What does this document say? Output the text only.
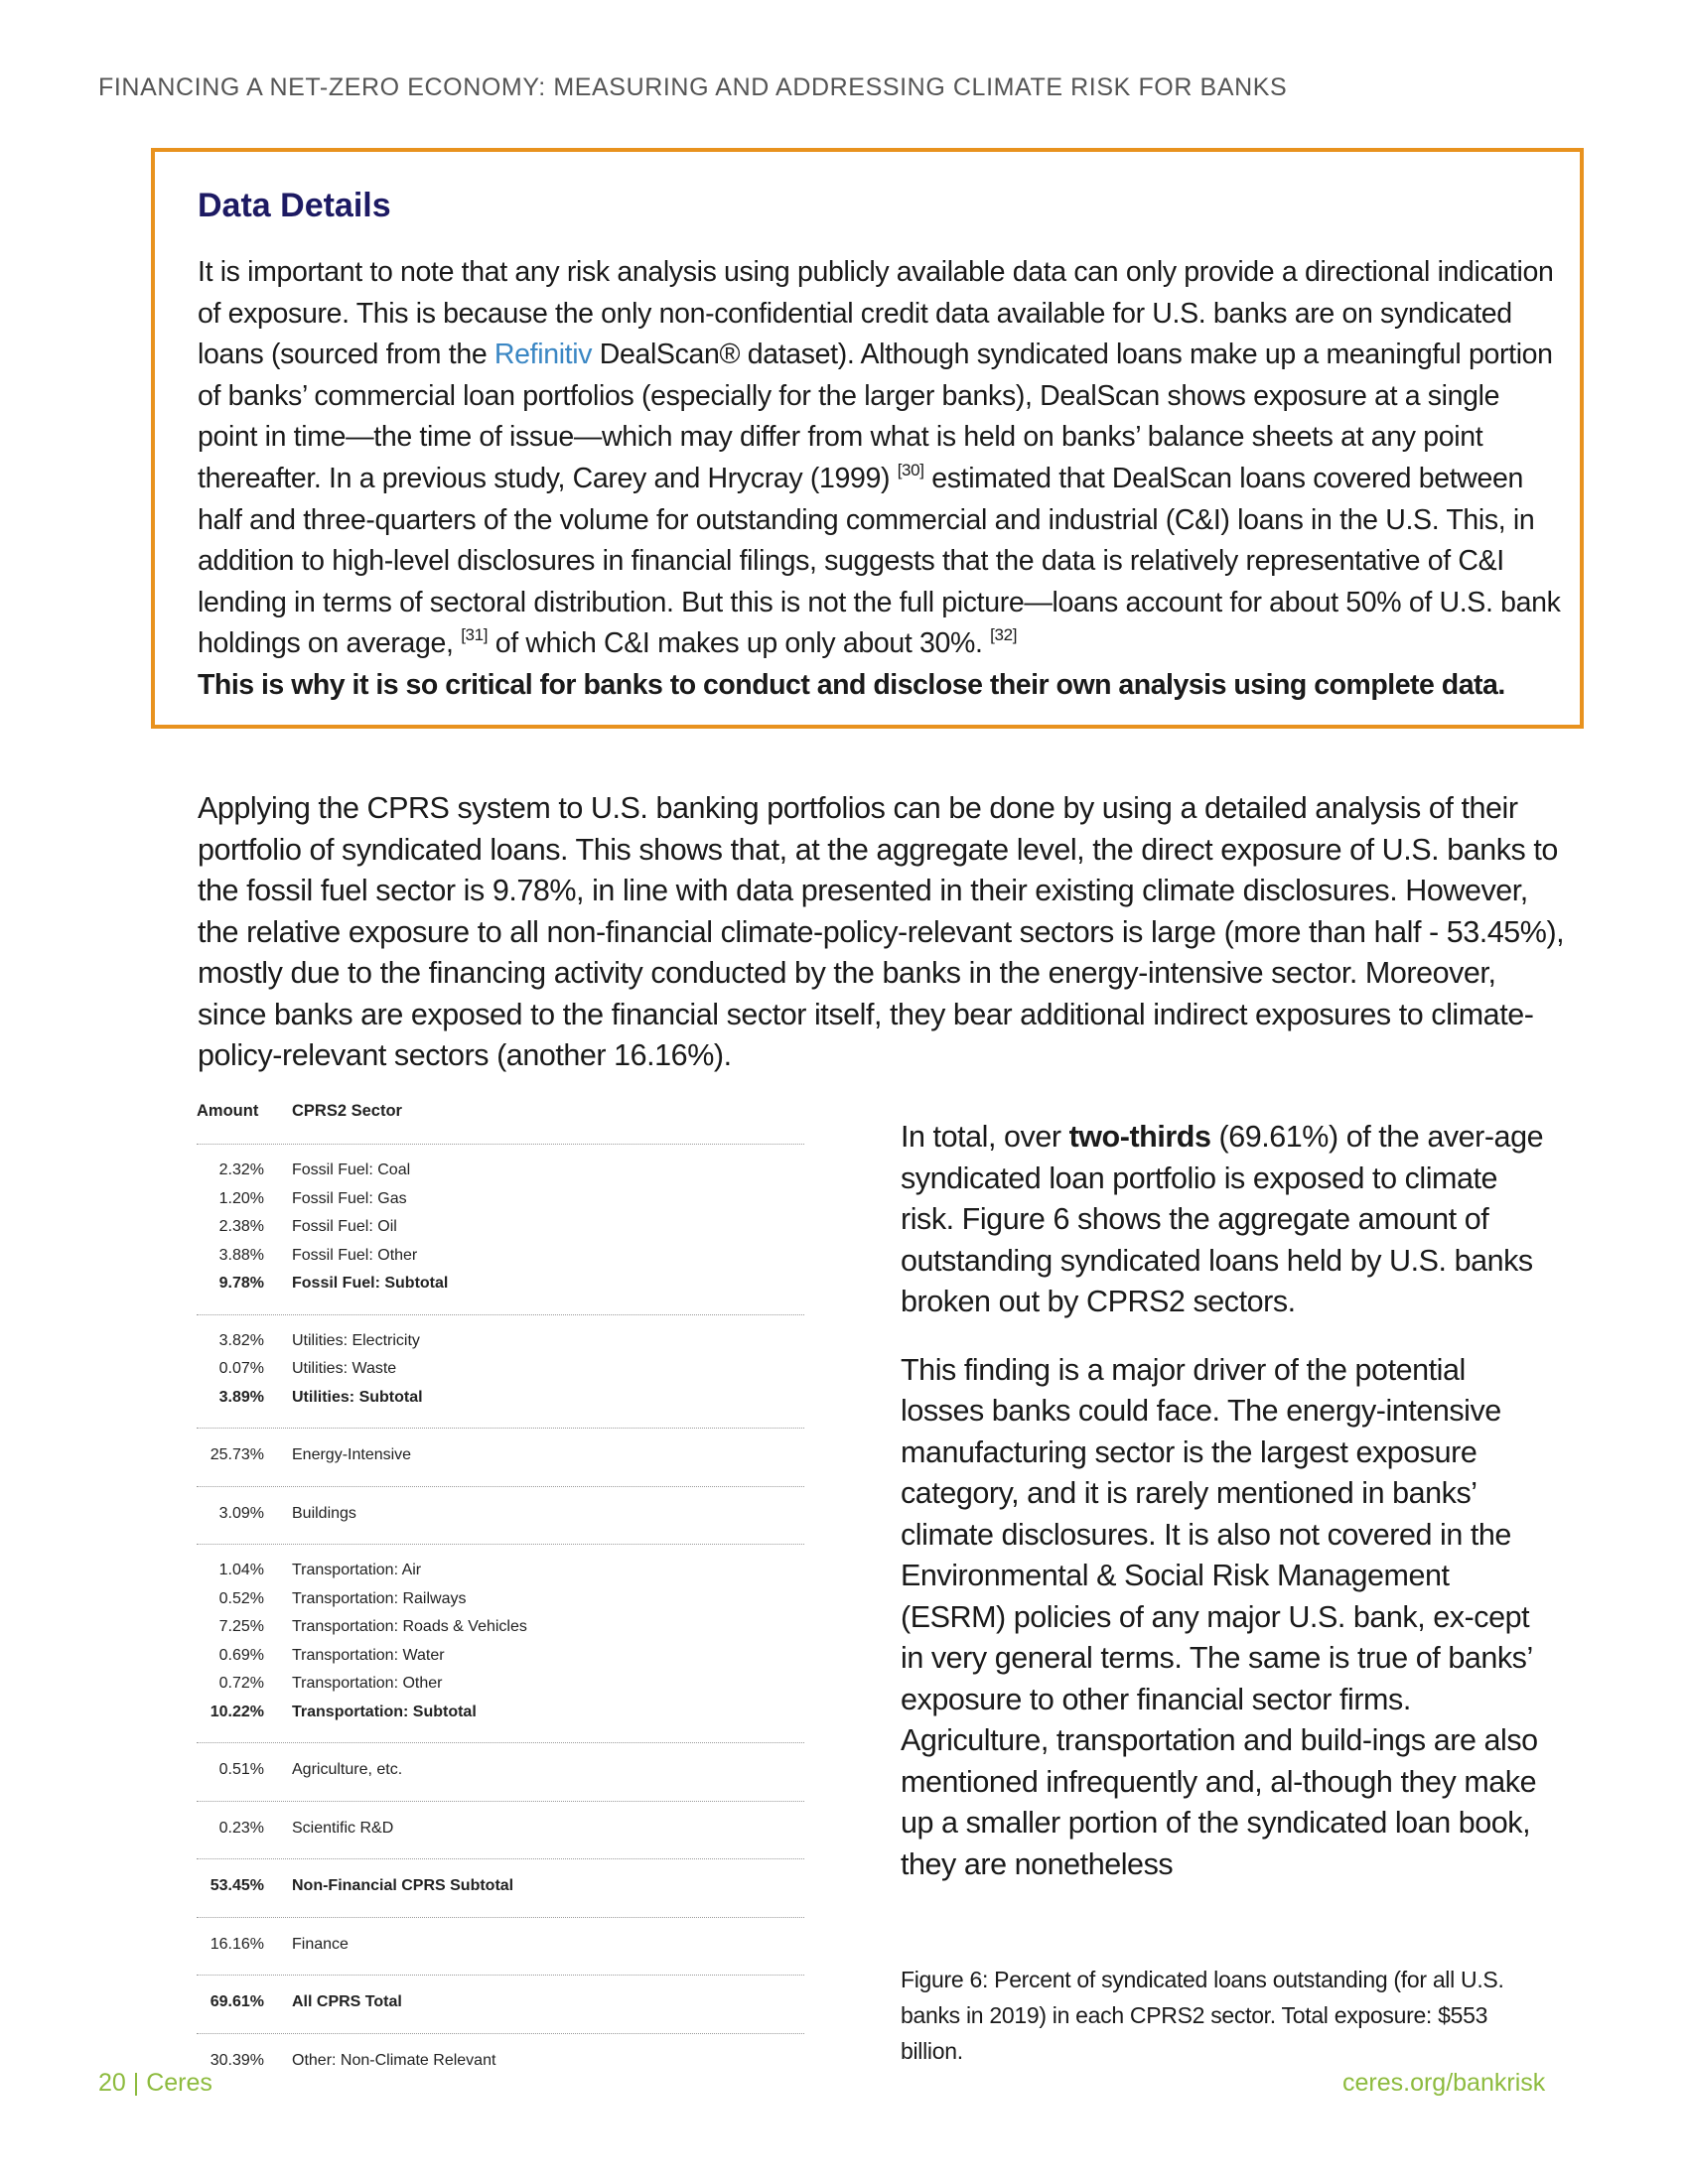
FINANCING A NET-ZERO ECONOMY: MEASURING AND ADDRESSING CLIMATE RISK FOR BANKS
Data Details
It is important to note that any risk analysis using publicly available data can only provide a directional indication of exposure. This is because the only non-confidential credit data available for U.S. banks are on syndicated loans (sourced from the Refinitiv DealScan® dataset). Although syndicated loans make up a meaningful portion of banks’ commercial loan portfolios (especially for the larger banks), DealScan shows exposure at a single point in time—the time of issue—which may differ from what is held on banks’ balance sheets at any point thereafter. In a previous study, Carey and Hrycray (1999) [30] estimated that DealScan loans covered between half and three-quarters of the volume for outstanding commercial and industrial (C&I) loans in the U.S. This, in addition to high-level disclosures in financial filings, suggests that the data is relatively representative of C&I lending in terms of sectoral distribution. But this is not the full picture—loans account for about 50% of U.S. bank holdings on average, [31] of which C&I makes up only about 30%. [32]
This is why it is so critical for banks to conduct and disclose their own analysis using complete data.
Applying the CPRS system to U.S. banking portfolios can be done by using a detailed analysis of their portfolio of syndicated loans. This shows that, at the aggregate level, the direct exposure of U.S. banks to the fossil fuel sector is 9.78%, in line with data presented in their existing climate disclosures. However, the relative exposure to all non-financial climate-policy-relevant sectors is large (more than half - 53.45%), mostly due to the financing activity conducted by the banks in the energy-intensive sector. Moreover, since banks are exposed to the financial sector itself, they bear additional indirect exposures to climate-policy-relevant sectors (another 16.16%).
Amount CPRS2 Sector
2.32% Fossil Fuel: Coal
1.20% Fossil Fuel: Gas
2.38% Fossil Fuel: Oil
3.88% Fossil Fuel: Other
9.78% Fossil Fuel: Subtotal
3.82% Utilities: Electricity
0.07% Utilities: Waste
3.89% Utilities: Subtotal
25.73% Energy-Intensive
3.09% Buildings
1.04% Transportation: Air
0.52% Transportation: Railways
7.25% Transportation: Roads & Vehicles
0.69% Transportation: Water
0.72% Transportation: Other
10.22% Transportation: Subtotal
0.51% Agriculture, etc.
0.23% Scientific R&D
53.45% Non-Financial CPRS Subtotal
16.16% Finance
69.61% All CPRS Total
30.39% Other: Non-Climate Relevant

In total, over two-thirds (69.61%) of the aver-age syndicated loan portfolio is exposed to climate risk. Figure 6 shows the aggregate amount of outstanding syndicated loans held by U.S. banks broken out by CPRS2 sectors.

This finding is a major driver of the potential losses banks could face. The energy-intensive manufacturing sector is the largest exposure category, and it is rarely mentioned in banks’ climate disclosures. It is also not covered in the Environmental & Social Risk Management (ESRM) policies of any major U.S. bank, ex-cept in very general terms. The same is true of banks’ exposure to other financial sector firms. Agriculture, transportation and build-ings are also mentioned infrequently and, al-though they make up a smaller portion of the syndicated loan book, they are nonetheless

Figure 6: Percent of syndicated loans outstanding (for all U.S. banks in 2019) in each CPRS2 sector. Total exposure: $553 billion.
20 | Ceres	ceres.org/bankrisk
